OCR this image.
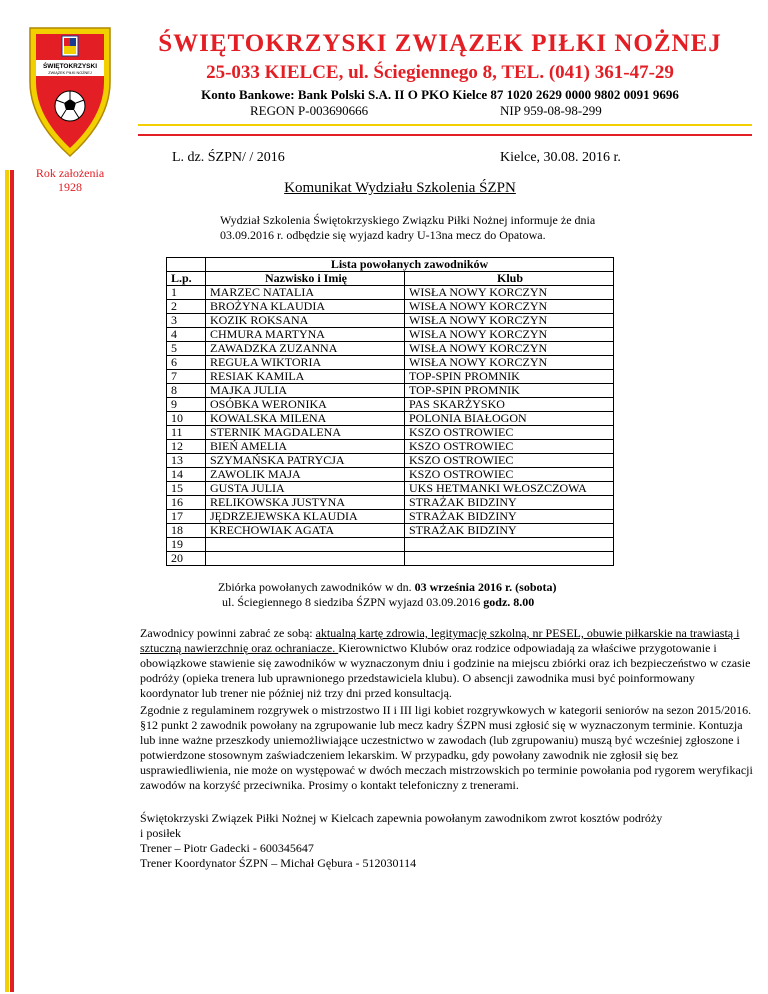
ŚWIĘTOKRZYSKI
ZWIĄZEK PIŁKI NOŻNEJ
ŚWIĘTOKRZYSKI ZWIĄZEK PIŁKI NOŻNEJ
25-033 KIELCE, ul. Ściegiennego 8, TEL. (041) 361-47-29
Konto Bankowe: Bank Polski S.A. II O PKO Kielce 87 1020 2629 0000 9802 0091 9696
REGON P-003690666	NIP 959-08-98-299
Rok założenia
1928
L. dz. ŚZPN/ / 2016	Kielce, 30.08. 2016 r.
Komunikat Wydziału Szkolenia ŚZPN
Wydział Szkolenia Świętokrzyskiego Związku Piłki Nożnej informuje że dnia 03.09.2016 r. odbędzie się wyjazd kadry U-13na mecz do Opatowa.
	Lista powołanych zawodników	
L.p.	Nazwisko i Imię	Klub
1	MARZEC NATALIA	WISŁA NOWY KORCZYN
2	BROŻYNA KLAUDIA	WISŁA NOWY KORCZYN
3	KOZIK ROKSANA	WISŁA NOWY KORCZYN
4	CHMURA MARTYNA	WISŁA NOWY KORCZYN
5	ZAWADZKA ZUZANNA	WISŁA NOWY KORCZYN
6	REGUŁA WIKTORIA	WISŁA NOWY KORCZYN
7	RESIAK KAMILA	TOP-SPIN PROMNIK
8	MAJKA JULIA	TOP-SPIN PROMNIK
9	OSÓBKA WERONIKA	PAS SKARŻYSKO
10	KOWALSKA MILENA	POLONIA BIAŁOGON
11	STERNIK MAGDALENA	KSZO OSTROWIEC
12	BIEŃ AMELIA	KSZO OSTROWIEC
13	SZYMAŃSKA PATRYCJA	KSZO OSTROWIEC
14	ZAWOLIK MAJA	KSZO OSTROWIEC
15	GUSTA JULIA	UKS HETMANKI WŁOSZCZOWA
16	RELIKOWSKA JUSTYNA	STRAŻAK BIDZINY
17	JĘDRZEJEWSKA KLAUDIA	STRAŻAK BIDZINY
18	KRECHOWIAK AGATA	STRAŻAK BIDZINY
19		
20		
Zbiórka powołanych zawodników w dn. 03 września 2016 r. (sobota)
ul. Ściegiennego 8 siedziba ŚZPN wyjazd 03.09.2016 godz. 8.00
Zawodnicy powinni zabrać ze sobą: aktualną kartę zdrowia, legitymację szkolną, nr PESEL, obuwie piłkarskie na trawiastą i sztuczną nawierzchnię oraz ochraniacze. Kierownictwo Klubów oraz rodzice odpowiadają za właściwe przygotowanie i obowiązkowe stawienie się zawodników w wyznaczonym dniu i godzinie na miejscu zbiórki oraz ich bezpieczeństwo w czasie podróży (opieka trenera lub uprawnionego przedstawiciela klubu). O absencji zawodnika musi być poinformowany koordynator lub trener nie później niż trzy dni przed konsultacją.
Zgodnie z regulaminem rozgrywek o mistrzostwo II i III ligi kobiet rozgrywkowych w kategorii seniorów na sezon 2015/2016. §12 punkt 2 zawodnik powołany na zgrupowanie lub mecz kadry ŚZPN musi zgłosić się w wyznaczonym terminie. Kontuzja lub inne ważne przeszkody uniemożliwiające uczestnictwo w zawodach (lub zgrupowaniu) muszą być wcześniej zgłoszone i potwierdzone stosownym zaświadczeniem lekarskim. W przypadku, gdy powołany zawodnik nie zgłosił się bez usprawiedliwienia, nie może on występować w dwóch meczach mistrzowskich po terminie powołania pod rygorem weryfikacji zawodów na korzyść przeciwnika. Prosimy o kontakt telefoniczny z trenerami.
Świętokrzyski Związek Piłki Nożnej w Kielcach zapewnia powołanym zawodnikom zwrot kosztów podróży
i posiłek
Trener – Piotr Gadecki - 600345647
Trener Koordynator ŚZPN – Michał Gębura - 512030114
